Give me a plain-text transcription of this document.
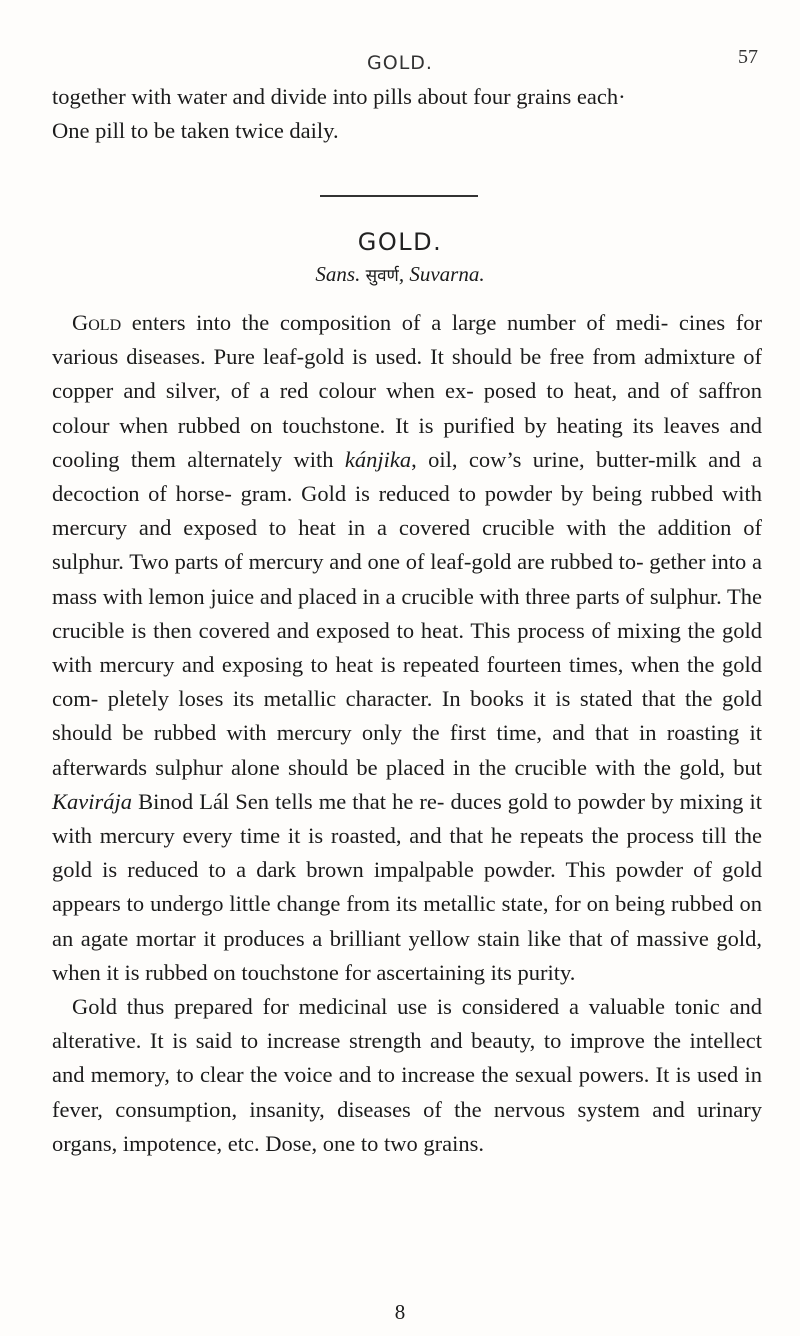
GOLD.	57

together with water and divide into pills about four grains each·

One pill to be taken twice daily.

GOLD.
Sans. सुवर्ण, Suvarna.

Gold enters into the composition of a large number of medi- cines for various diseases. Pure leaf-gold is used. It should be free from admixture of copper and silver, of a red colour when ex- posed to heat, and of saffron colour when rubbed on touchstone. It is purified by heating its leaves and cooling them alternately with kánjika, oil, cow’s urine, butter-milk and a decoction of horse- gram. Gold is reduced to powder by being rubbed with mercury and exposed to heat in a covered crucible with the addition of sulphur. Two parts of mercury and one of leaf-gold are rubbed to- gether into a mass with lemon juice and placed in a crucible with three parts of sulphur. The crucible is then covered and exposed to heat. This process of mixing the gold with mercury and exposing to heat is repeated fourteen times, when the gold com- pletely loses its metallic character. In books it is stated that the gold should be rubbed with mercury only the first time, and that in roasting it afterwards sulphur alone should be placed in the crucible with the gold, but Kavirája Binod Lál Sen tells me that he re- duces gold to powder by mixing it with mercury every time it is roasted, and that he repeats the process till the gold is reduced to a dark brown impalpable powder. This powder of gold appears to undergo little change from its metallic state, for on being rubbed on an agate mortar it produces a brilliant yellow stain like that of massive gold, when it is rubbed on touchstone for ascertaining its purity.

Gold thus prepared for medicinal use is considered a valuable tonic and alterative. It is said to increase strength and beauty, to improve the intellect and memory, to clear the voice and to increase the sexual powers. It is used in fever, consumption, insanity, diseases of the nervous system and urinary organs, impotence, etc. Dose, one to two grains.

8
